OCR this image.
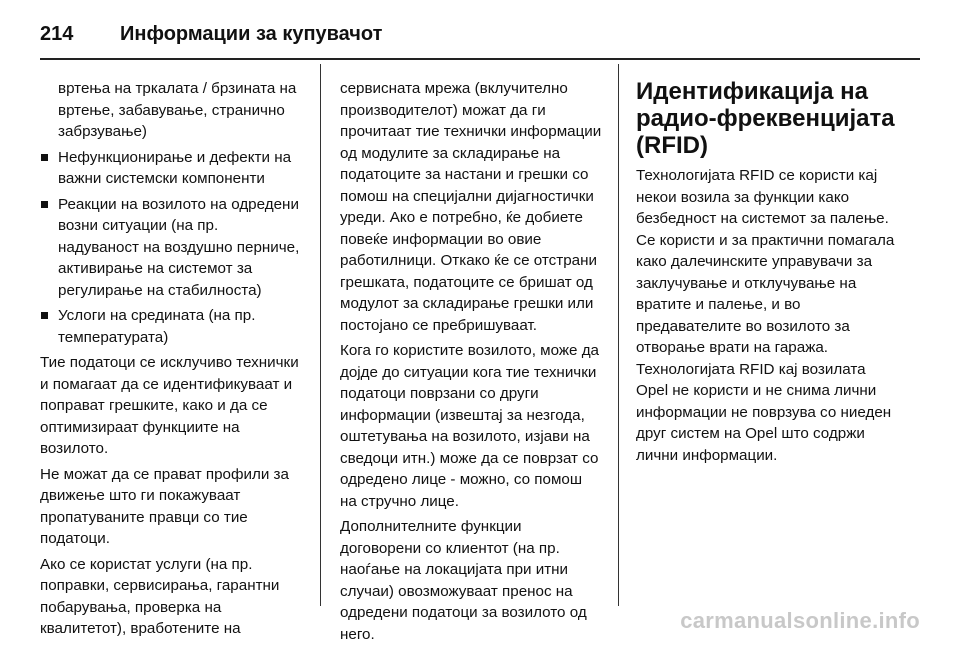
214	Информации за купувачот

вртења на тркалата / брзината на вртење, забавување, странично забрзување)

Нефункционирање и дефекти на важни системски компоненти
Реакции на возилото на одредени возни ситуации (на пр. надуваност на воздушно перниче, активирање на системот за регулирање на стабилноста)
Услоги на средината (на пр. температурата)

Тие податоци се исклучиво технички и помагаат да се идентификуваат и поправат грешките, како и да се оптимизираат функциите на возилото.

Не можат да се прават профили за движење што ги покажуваат пропатуваните правци со тие податоци.

Ако се користат услуги (на пр. поправки, сервисирања, гарантни побарувања, проверка на квалитетот), вработените на

сервисната мрежа (вклучително производителот) можат да ги прочитаат тие технички информации од модулите за складирање на податоците за настани и грешки со помош на специјални дијагностички уреди. Ако е потребно, ќе добиете повеќе информации во овие работилници. Откако ќе се отстрани грешката, податоците се бришат од модулот за складирање грешки или постојано се пребришуваат.

Кога го користите возилото, може да дојде до ситуации кога тие технички податоци поврзани со други информации (извештај за незгода, оштетувања на возилото, изјави на сведоци итн.) може да се поврзат со одредено лице - можно, со помош на стручно лице.

Дополнителните функции договорени со клиентот (на пр. наоѓање на локацијата при итни случаи) овозможуваат пренос на одредени податоци за возилото од него.

Идентификација на радио-фреквенцијата (RFID)

Технологијата RFID се користи кај некои возила за функции како безбедност на системот за палење. Се користи и за практични помагала како далечинските управувачи за заклучување и отклучување на вратите и палење, и во предавателите во возилото за отворање врати на гаража. Технологијата RFID кај возилата Opel не користи и не снима лични информации не поврзува со ниеден друг систем на Opel што содржи лични информации.

carmanualsonline.info
